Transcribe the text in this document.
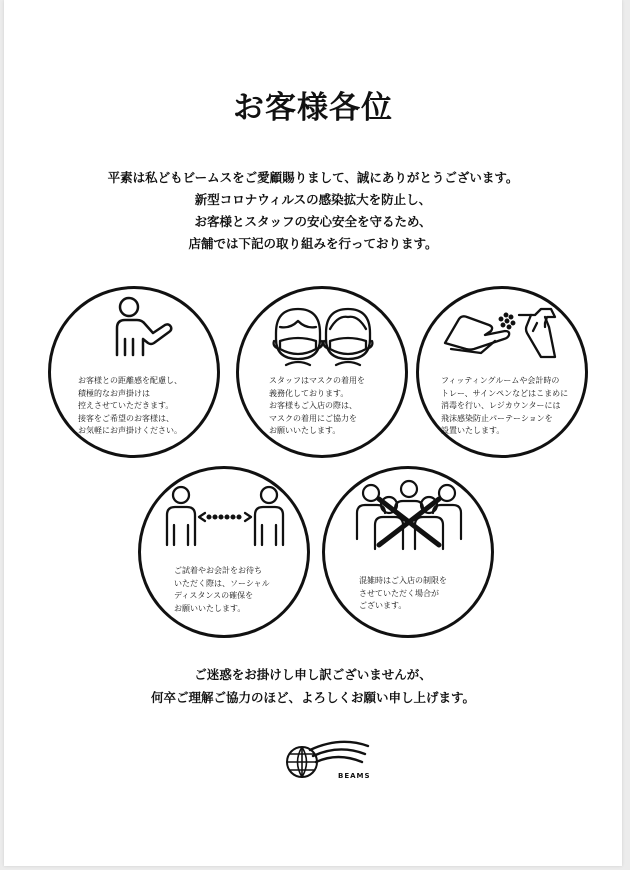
お客様各位
平素は私どもビームスをご愛顧賜りまして、誠にありがとうございます。
新型コロナウィルスの感染拡大を防止し、
お客様とスタッフの安心安全を守るため、
店舗では下記の取り組みを行っております。
お客様との距離感を配慮し、
積極的なお声掛けは
控えさせていただきます。
接客をご希望のお客様は、
お気軽にお声掛けください。
スタッフはマスクの着用を
義務化しております。
お客様もご入店の際は、
マスクの着用にご協力を
お願いいたします。
フィッティングルームや会計時の
トレー、サインペンなどはこまめに
消毒を行い、レジカウンターには
飛沫感染防止パーテーションを
設置いたします。
ご試着やお会計をお待ち
いただく際は、ソーシャル
ディスタンスの確保を
お願いいたします。
混雑時はご入店の制限を
させていただく場合が
ございます。
ご迷惑をお掛けし申し訳ございませんが、
何卒ご理解ご協力のほど、よろしくお願い申し上げます。
BEAMS
